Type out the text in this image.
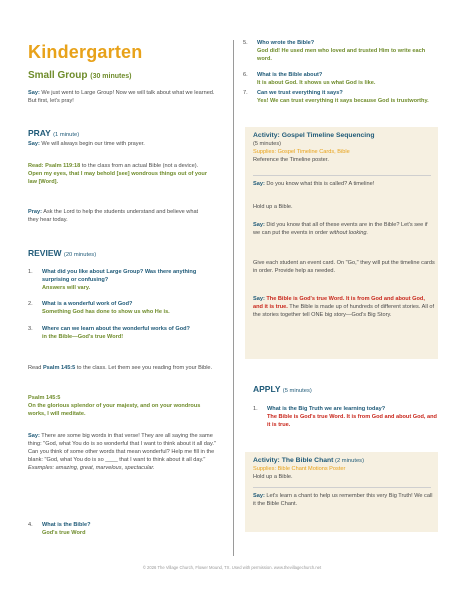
Kindergarten
Small Group (30 minutes)

Say: We just went to Large Group! Now we will talk about what we learned. But first, let's pray!

PRAY (1 minute)

Say: We will always begin our time with prayer.

Read: Psalm 119:18 to the class from an actual Bible (not a device).
Open my eyes, that I may behold [see] wondrous things out of your law [Word].

Pray: Ask the Lord to help the students understand and believe what they hear today.

REVIEW (20 minutes)
1.	What did you like about Large Group? Was there anything surprising or confusing?
Answers will vary.
2.	What is a wonderful work of God?
Something God has done to show us who He is.
3.	Where can we learn about the wonderful works of God?
in the Bible—God's true Word!

Read Psalm 145:5 to the class. Let them see you reading from your Bible.

Psalm 145:5
On the glorious splendor of your majesty, and on your wondrous works, I will meditate.

Say: There are some big words in that verse! They are all saying the same thing: "God, what You do is so wonderful that I want to think about it all day." Can you think of some other words that mean wonderful? Help me fill in the blank: "God, what You do is so ____ that I want to think about it all day." Examples: amazing, great, marvelous, spectacular.

4.	What is the Bible?
God's true Word
5.	Who wrote the Bible?
God did! He used men who loved and trusted Him to write each word.
6.	What is the Bible about?
It is about God. It shows us what God is like.
7.	Can we trust everything it says?
Yes! We can trust everything it says because God is trustworthy.
Activity: Gospel Timeline Sequencing

(5 minutes)
Supplies: Gospel Timeline Cards, Bible
Reference the Timeline poster.

Say: Do you know what this is called? A timeline!

Hold up a Bible.

Say: Did you know that all of these events are in the Bible? Let's see if we can put the events in order without looking.

Give each student an event card. On "Go," they will put the timeline cards in order. Provide help as needed.

Say: The Bible is God's true Word. It is from God and about God, and it is true. The Bible is made up of hundreds of different stories. All of the stories together tell ONE big story—God's Big Story.

APPLY (5 minutes)
1.	What is the Big Truth we are learning today?
The Bible is God's true Word. It is from God and about God, and it is true.

Activity: The Bible Chant (2 minutes)
Supplies: Bible Chant Motions Poster
Hold up a Bible.

Say: Let's learn a chant to help us remember this very Big Truth! We call it the Bible Chant.

© 2026 The Village Church, Flower Mound, TX. Used with permission. www.thevillagechurch.net
